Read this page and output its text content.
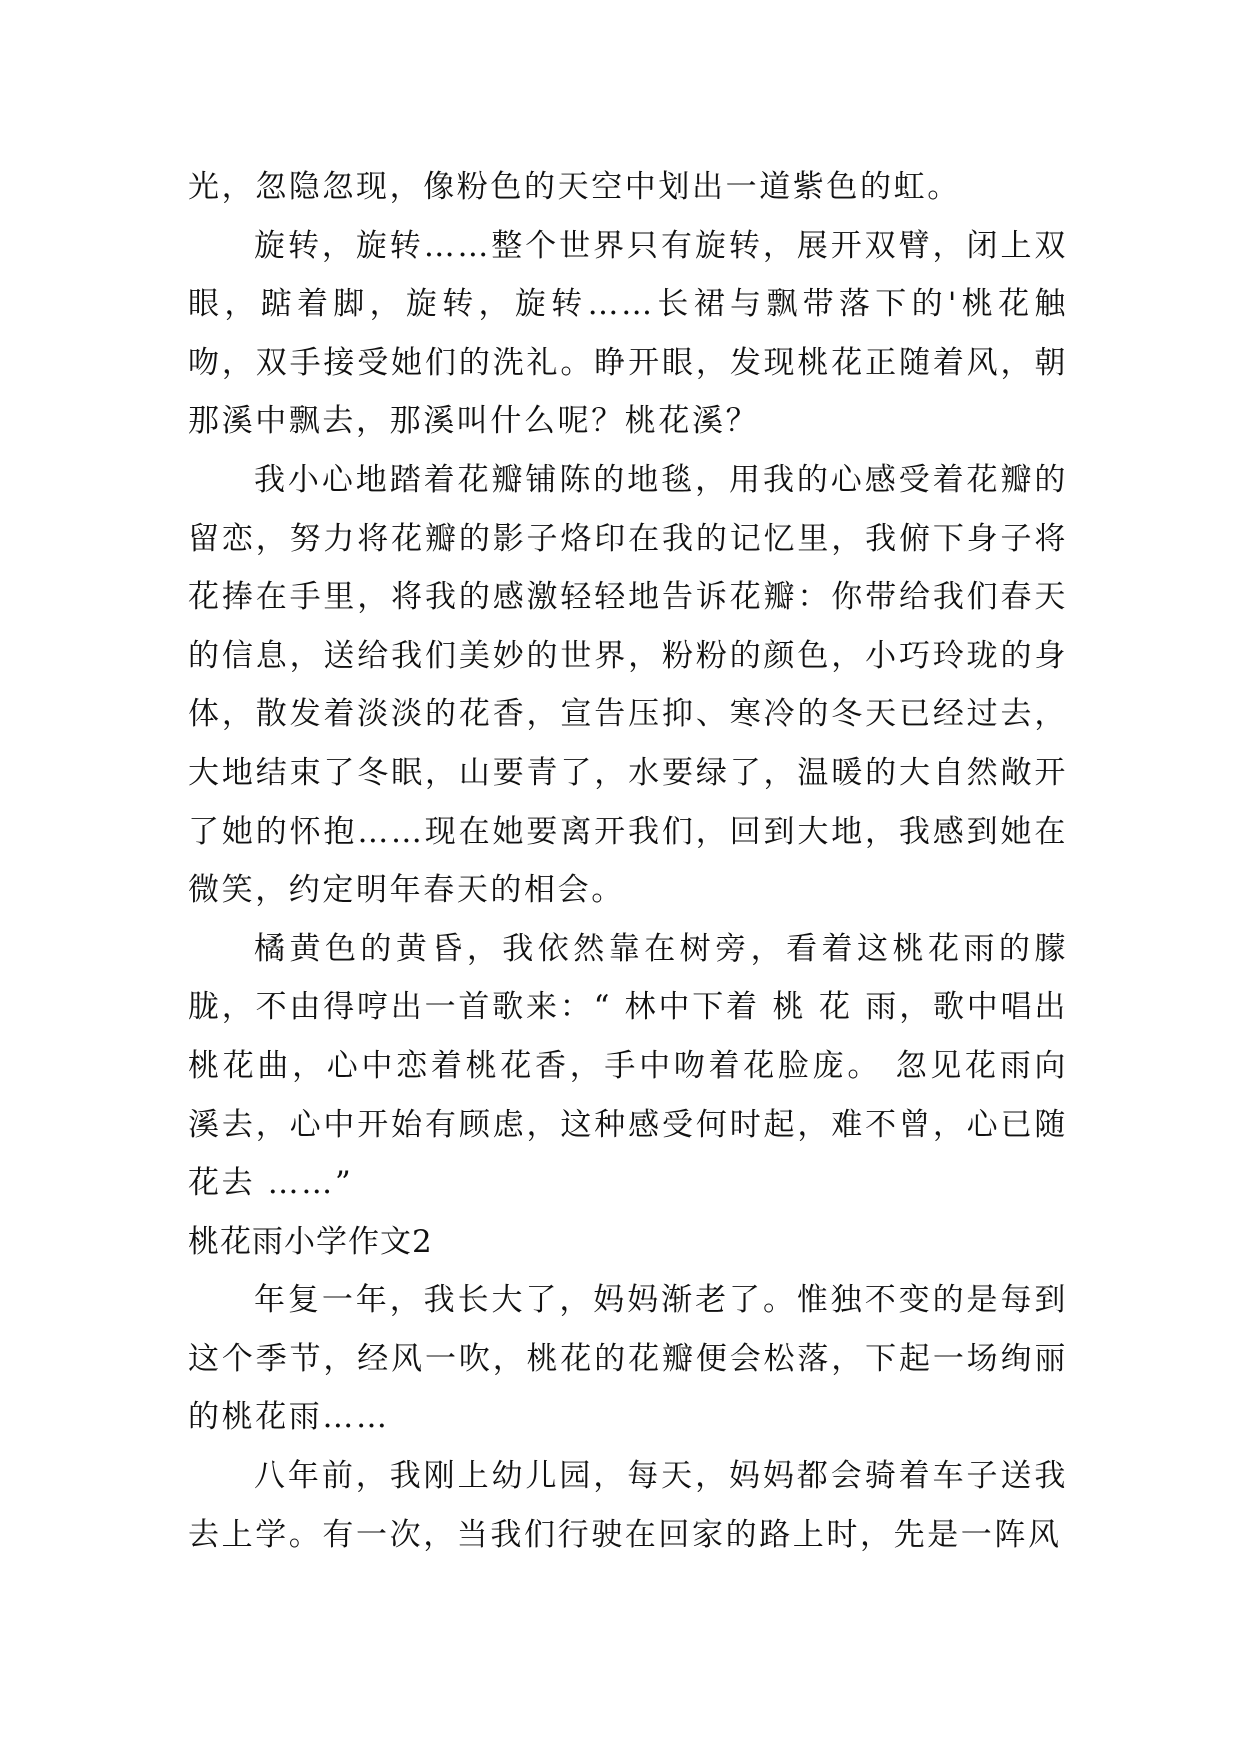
光，忽隐忽现，像粉色的天空中划出一道紫色的虹。

旋转，旋转……整个世界只有旋转，展开双臂，闭上双眼，踮着脚，旋转，旋转……长裙与飘带落下的'桃花触吻，双手接受她们的洗礼。睁开眼，发现桃花正随着风，朝那溪中飘去，那溪叫什么呢？桃花溪？

我小心地踏着花瓣铺陈的地毯，用我的心感受着花瓣的留恋，努力将花瓣的影子烙印在我的记忆里，我俯下身子将花捧在手里，将我的感激轻轻地告诉花瓣：你带给我们春天的信息，送给我们美妙的世界，粉粉的颜色，小巧玲珑的身体，散发着淡淡的花香，宣告压抑、寒冷的冬天已经过去，大地结束了冬眠，山要青了，水要绿了，温暖的大自然敞开了她的怀抱……现在她要离开我们，回到大地，我感到她在微笑，约定明年春天的相会。

橘黄色的黄昏，我依然靠在树旁，看着这桃花雨的朦胧，不由得哼出一首歌来：“ 林中下着 桃 花 雨，歌中唱出桃花曲，心中恋着桃花香，手中吻着花脸庞。 忽见花雨向溪去，心中开始有顾虑，这种感受何时起，难不曾，心已随花去 ……”

桃花雨小学作文2

年复一年，我长大了，妈妈渐老了。惟独不变的是每到这个季节，经风一吹，桃花的花瓣便会松落，下起一场绚丽的桃花雨……

八年前，我刚上幼儿园，每天，妈妈都会骑着车子送我去上学。有一次，当我们行驶在回家的路上时，先是一阵风
